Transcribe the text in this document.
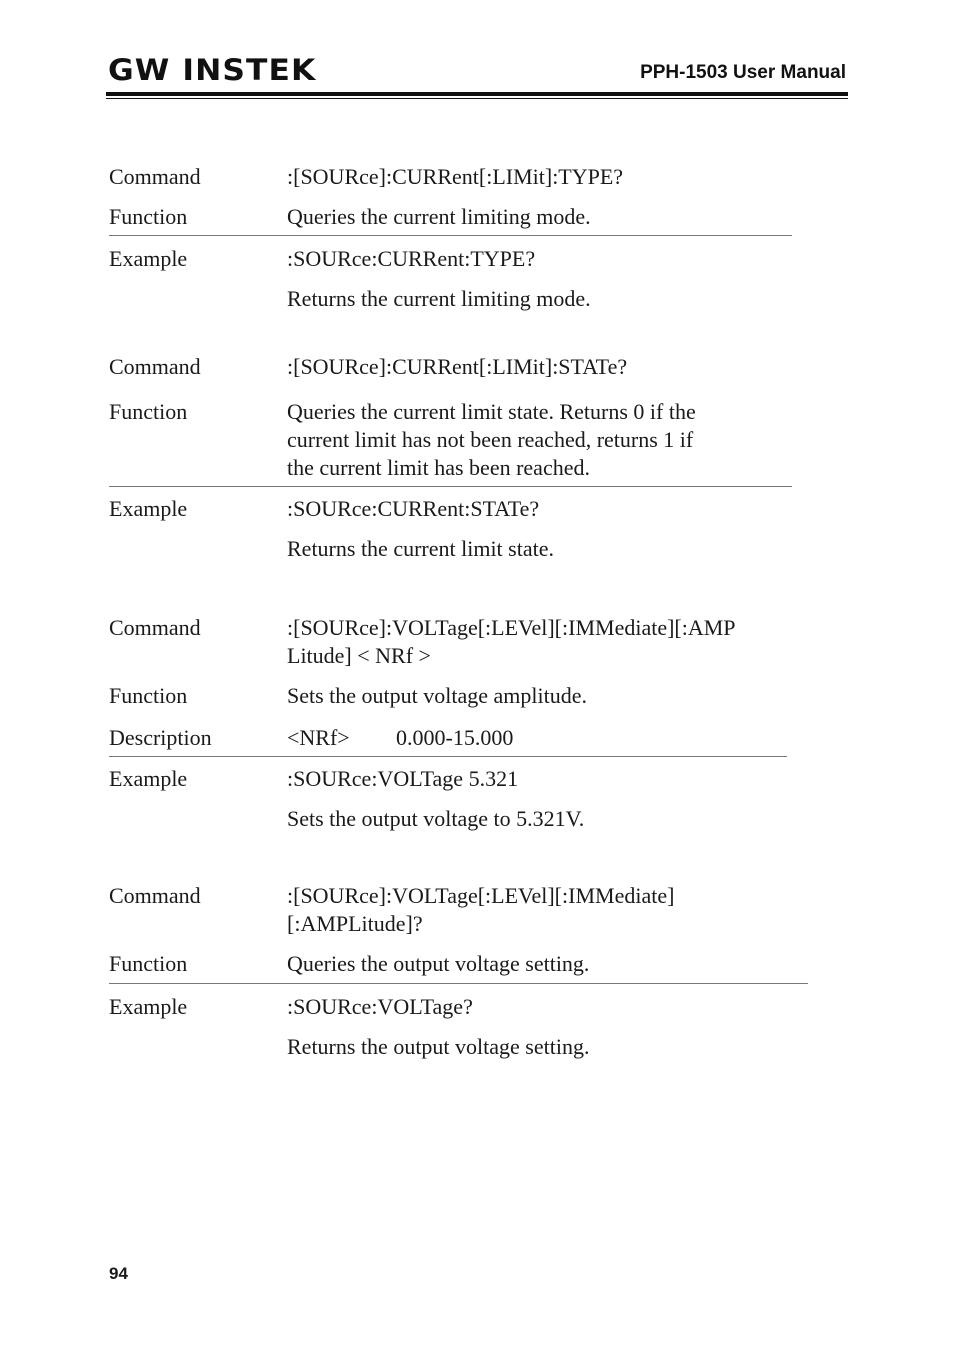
GW INSTEK	PPH-1503 User Manual
Command	:[SOURce]:CURRent[:LIMit]:TYPE?
Function	Queries the current limiting mode.
Example	:SOURce:CURRent:TYPE?
Returns the current limiting mode.
Command	:[SOURce]:CURRent[:LIMit]:STATe?
Function	Queries the current limit state. Returns 0 if the
current limit has not been reached, returns 1 if
the current limit has been reached.
Example	:SOURce:CURRent:STATe?
Returns the current limit state.
Command	:[SOURce]:VOLTage[:LEVel][:IMMediate][:AMP
Litude] < NRf >
Function	Sets the output voltage amplitude.
Description	<NRf>	0.000-15.000
Example	:SOURce:VOLTage 5.321
Sets the output voltage to 5.321V.
Command	:[SOURce]:VOLTage[:LEVel][:IMMediate]
[:AMPLitude]?
Function	Queries the output voltage setting.
Example	:SOURce:VOLTage?
Returns the output voltage setting.
94
